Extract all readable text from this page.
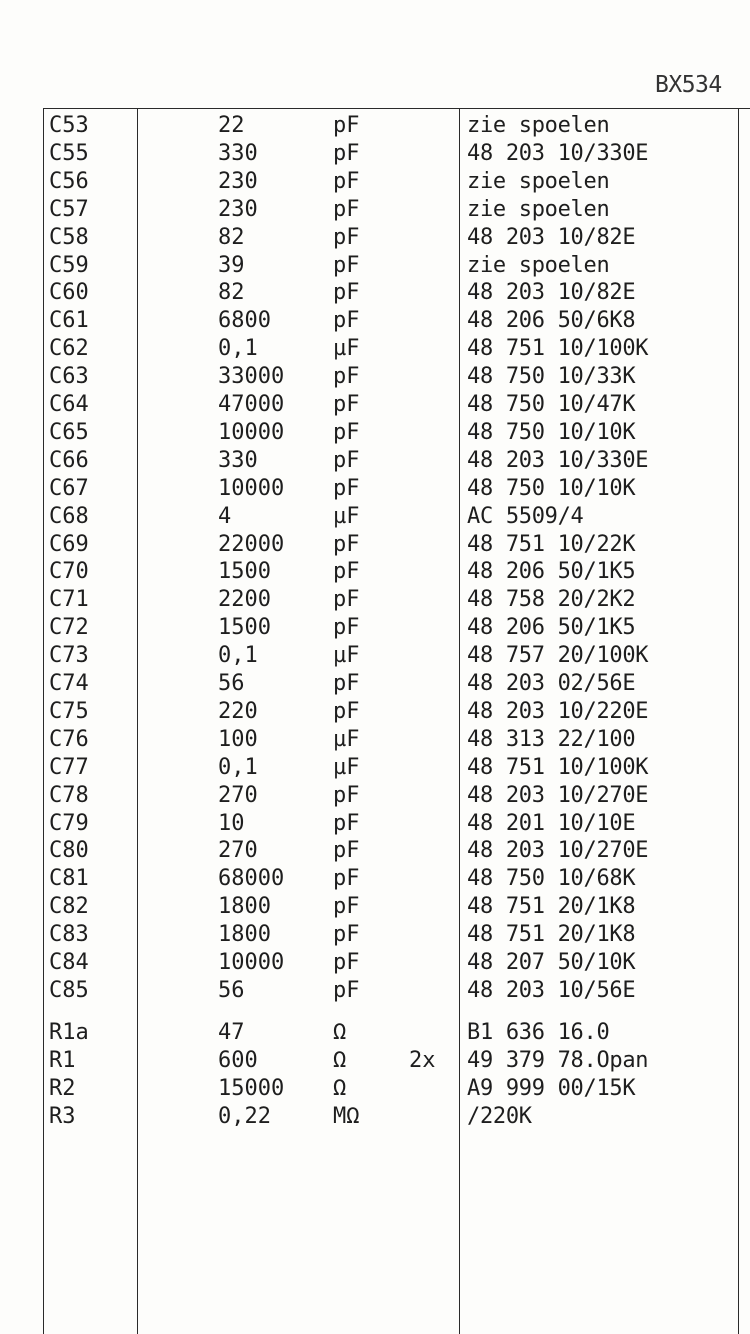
BX534
C53	22	pF	zie spoelen
C55	330	pF	48 203 10/330E
C56	230	pF	zie spoelen
C57	230	pF	zie spoelen
C58	82	pF	48 203 10/82E
C59	39	pF	zie spoelen
C60	82	pF	48 203 10/82E
C61	6800	pF	48 206 50/6K8
C62	0,1	µF	48 751 10/100K
C63	33000 pF	48 750 10/33K
C64	47000 pF	48 750 10/47K
C65	10000 pF	48 750 10/10K
C66	330	pF	48 203 10/330E
C67	10000 pF	48 750 10/10K
C68	4	µF	AC 5509/4
C69	22000 pF	48 751 10/22K
C70	1500	pF	48 206 50/1K5
C71	2200	pF	48 758 20/2K2
C72	1500	pF	48 206 50/1K5
C73	0,1	µF	48 757 20/100K
C74	56	pF	48 203 02/56E
C75	220	pF	48 203 10/220E
C76	100	µF	48 313 22/100
C77	0,1	µF	48 751 10/100K
C78	270	pF	48 203 10/270E
C79	10	pF	48 201 10/10E
C80	270	pF	48 203 10/270E
C81	68000 pF	48 750 10/68K
C82	1800	pF	48 751 20/1K8
C83	1800	pF	48 751 20/1K8
C84	10000 pF	48 207 50/10K
C85	56	pF	48 203 10/56E
R1a	47	Ω	B1 636 16.0
R1	600	Ω	2x 49 379 78.Opan
R2	15000 Ω	A9 999 00/15K
R3	0,22	MΩ	/220K
